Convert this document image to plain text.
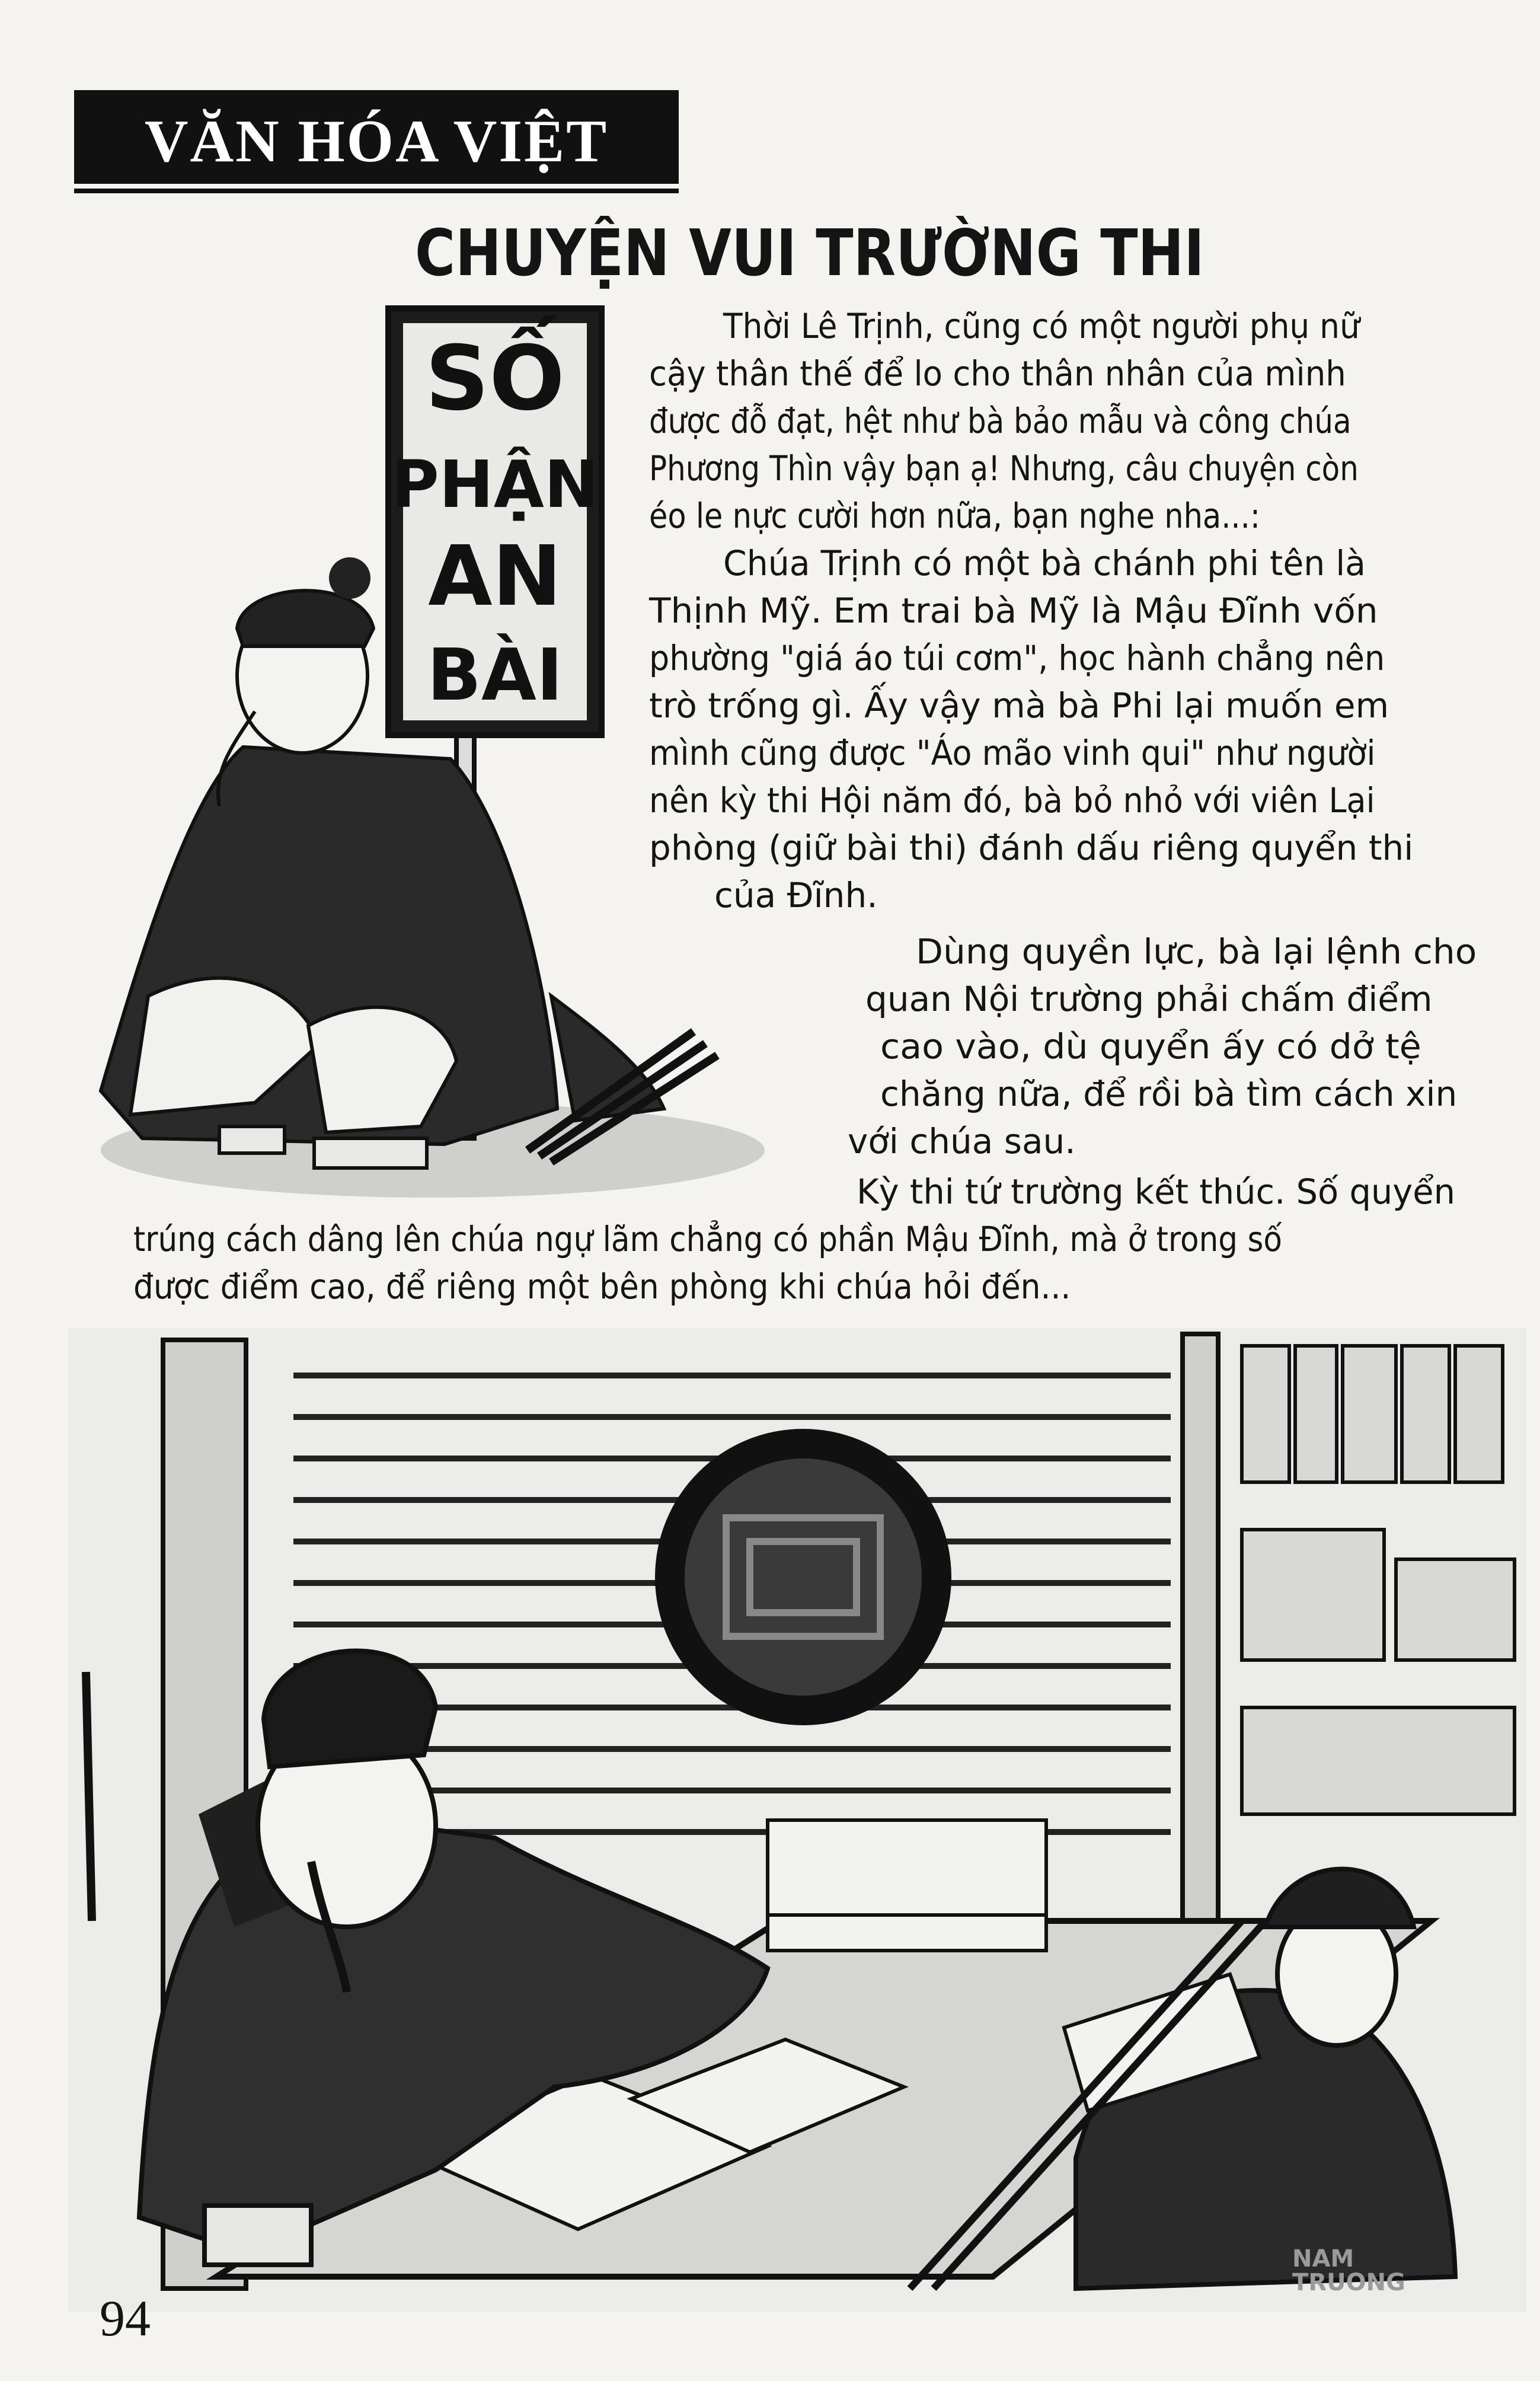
VĂN HÓA VIỆT
CHUYỆN VUI TRƯỜNG THI
SỐ
PHẬN
AN
BÀI
Thời Lê Trịnh, cũng có một người phụ nữ
cậy thân thế để lo cho thân nhân của mình
được đỗ đạt, hệt như bà bảo mẫu và công chúa
Phương Thìn vậy bạn ạ! Nhưng, câu chuyện còn
éo le nực cười hơn nữa, bạn nghe nha...:
Chúa Trịnh có một bà chánh phi tên là
Thịnh Mỹ. Em trai bà Mỹ là Mậu Đĩnh vốn
phường "giá áo túi cơm", học hành chẳng nên
trò trống gì. Ấy vậy mà bà Phi lại muốn em
mình cũng được "Áo mão vinh qui" như người
nên kỳ thi Hội năm đó, bà bỏ nhỏ với viên Lại
phòng (giữ bài thi) đánh dấu riêng quyển thi
của Đĩnh.
Dùng quyền lực, bà lại lệnh cho
quan Nội trường phải chấm điểm
cao vào, dù quyển ấy có dở tệ
chăng nữa, để rồi bà tìm cách xin
với chúa sau.
Kỳ thi tứ trường kết thúc. Số quyển
trúng cách dâng lên chúa ngự lãm chẳng có phần Mậu Đĩnh, mà ở trong số
được điểm cao, để riêng một bên phòng khi chúa hỏi đến...
94
NAM
TRUONG
